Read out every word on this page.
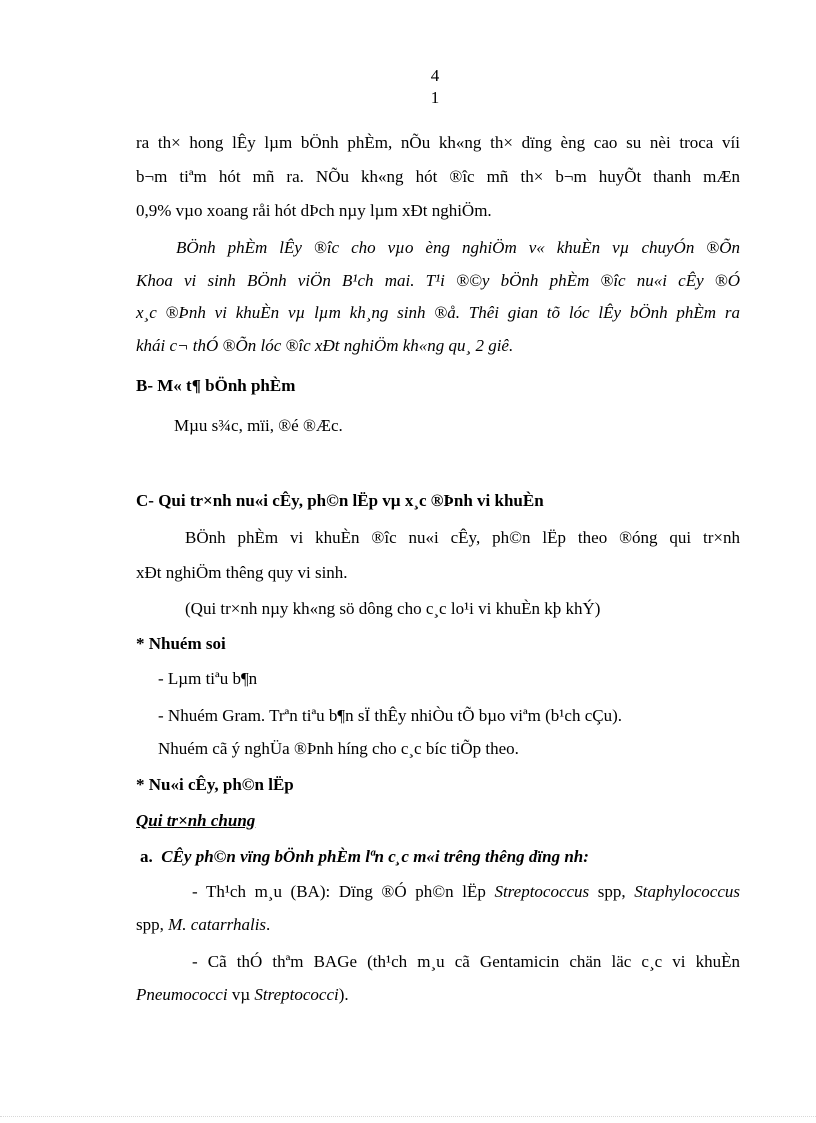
4
1
ra th× hong lÊy lµm bÖnh phÈm, nÕu kh«ng th× dïng èng cao su nèi troca víi
b¬m tiªm hót mñ ra. NÕu kh«ng hót ®îc mñ th× b¬m huyÕt thanh mÆn
0,9% vµo xoang råi hót dÞch nµy lµm xÐt nghiÖm.
BÖnh phÈm lÊy ®îc cho vµo èng nghiÖm v« khuÈn vµ chuyÓn ®Õn
Khoa vi sinh BÖnh viÖn B¹ch mai. T¹i ®©y bÖnh phÈm ®îc nu«i cÊy ®Ó
x¸c ®Þnh vi khuÈn vµ lµm kh¸ng sinh ®å. Thêi gian tõ lóc lÊy bÖnh phÈm ra
khái c¬ thÓ ®Õn lóc ®îc xÐt nghiÖm kh«ng qu¸ 2 giê.
B- M« t¶ bÖnh phÈm
Mµu s¾c, mïi, ®é ®Æc.
C- Qui tr×nh nu«i cÊy, ph©n lËp vµ x¸c ®Þnh vi khuÈn
BÖnh phÈm vi khuÈn ®îc nu«i cÊy, ph©n lËp theo ®óng qui tr×nh
xÐt nghiÖm thêng quy vi sinh.
(Qui tr×nh nµy kh«ng sö dông cho c¸c lo¹i vi khuÈn kþ khÝ)
* Nhuém soi
- Lµm tiªu b¶n
- Nhuém Gram. Trªn tiªu b¶n sÏ thÊy nhiÒu tÕ bµo viªm (b¹ch cÇu).
Nhuém cã ý nghÜa ®Þnh híng cho c¸c bíc tiÕp theo.
* Nu«i cÊy, ph©n lËp
Qui tr×nh chung
a. CÊy ph©n vïng bÖnh phÈm lªn c¸c m«i trêng thêng dïng nh:
- Th¹ch m¸u (BA): Dïng ®Ó ph©n lËp Streptococcus spp, Staphylococcus
spp, M. catarrhalis.
- Cã thÓ thªm BAGe (th¹ch m¸u cã Gentamicin chän läc c¸c vi khuÈn
Pneumococci vµ Streptococci).
